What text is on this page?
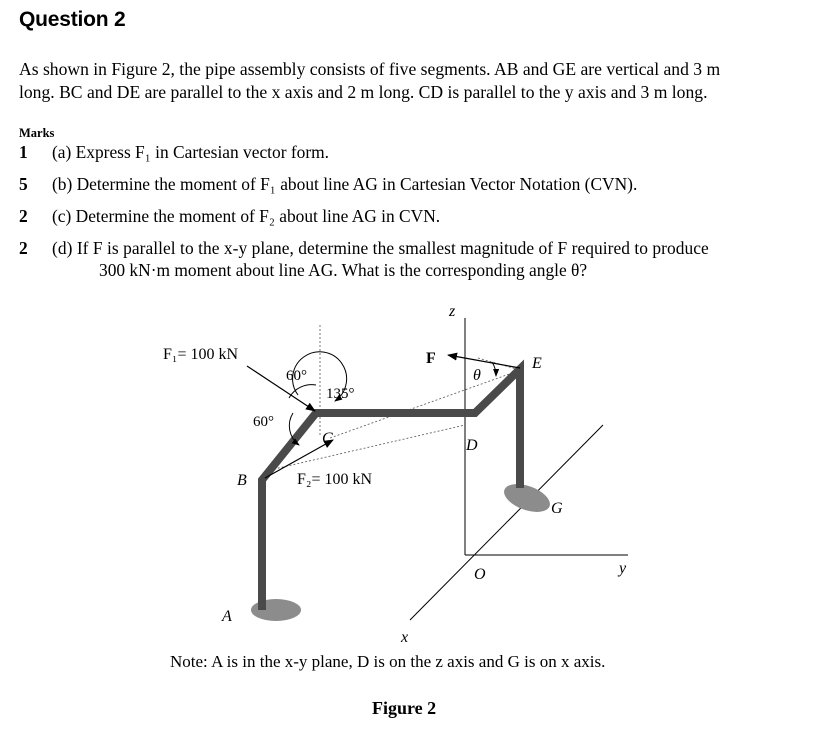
Question 2
As shown in Figure 2, the pipe assembly consists of five segments. AB and GE are vertical and 3 m
long. BC and DE are parallel to the x axis and 2 m long. CD is parallel to the y axis and 3 m long.
Marks
1 (a) Express F₁ in Cartesian vector form.
5 (b) Determine the moment of F₁ about line AG in Cartesian Vector Notation (CVN).
2 (c) Determine the moment of F₂ about line AG in CVN.
2 (d) If F is parallel to the x-y plane, determine the smallest magnitude of F required to produce
300 kN·m moment about line AG. What is the corresponding angle θ?
F₁= 100 kN
60°
135°
60°
C
B	F₂= 100 kN
A
z
F
θ
E
D
G
O	y
x
Note: A is in the x-y plane, D is on the z axis and G is on x axis.
Figure 2
